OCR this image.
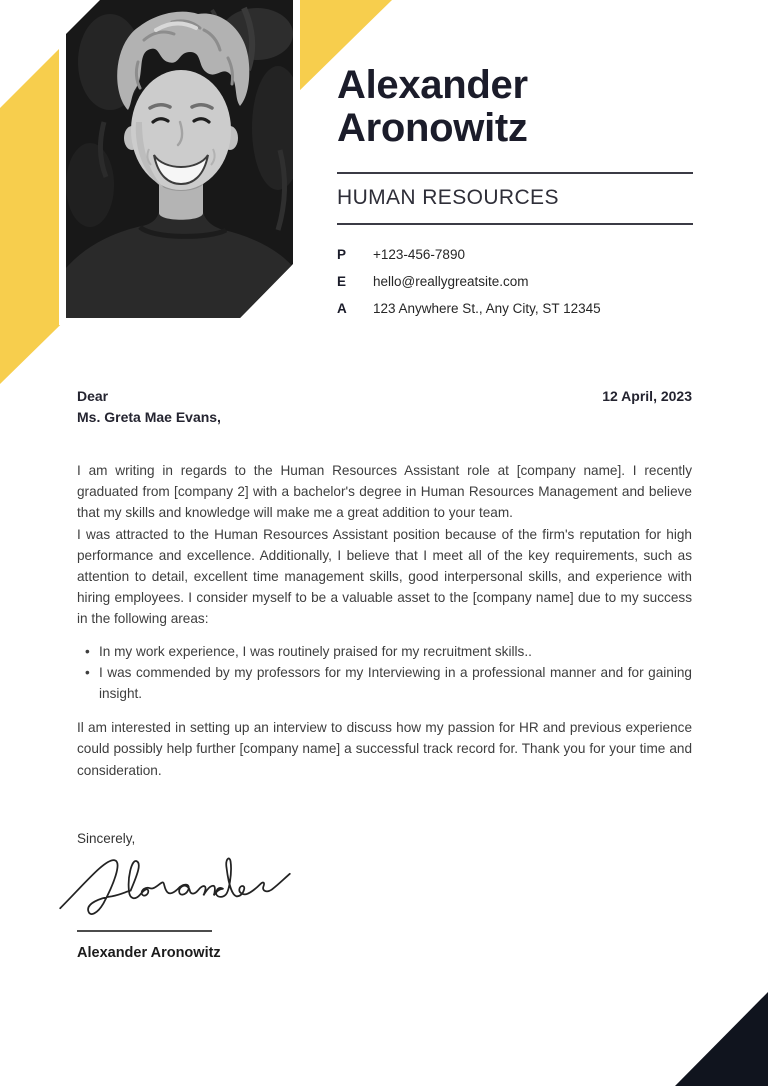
Alexander
Aronowitz
HUMAN RESOURCES
P	+123-456-7890
E	hello@reallygreatsite.com
A	123 Anywhere St., Any City, ST 12345
Dear
Ms. Greta Mae Evans,
12 April, 2023

I am writing in regards to the Human Resources Assistant role at [company name]. I recently graduated from [company 2] with a bachelor's degree in Human Resources Management and believe that my skills and knowledge will make me a great addition to your team.

I was attracted to the Human Resources Assistant position because of the firm's reputation for high performance and excellence. Additionally, I believe that I meet all of the key requirements, such as attention to detail, excellent time management skills, good interpersonal skills, and experience with hiring employees. I consider myself to be a valuable asset to the [company name] due to my success in the following areas:

• In my work experience, I was routinely praised for my recruitment skills..
• I was commended by my professors for my Interviewing in a professional manner and for gaining insight.

Il am interested in setting up an interview to discuss how my passion for HR and previous experience could possibly help further [company name] a successful track record for. Thank you for your time and consideration.

Sincerely,
Alexander Aronowitz
